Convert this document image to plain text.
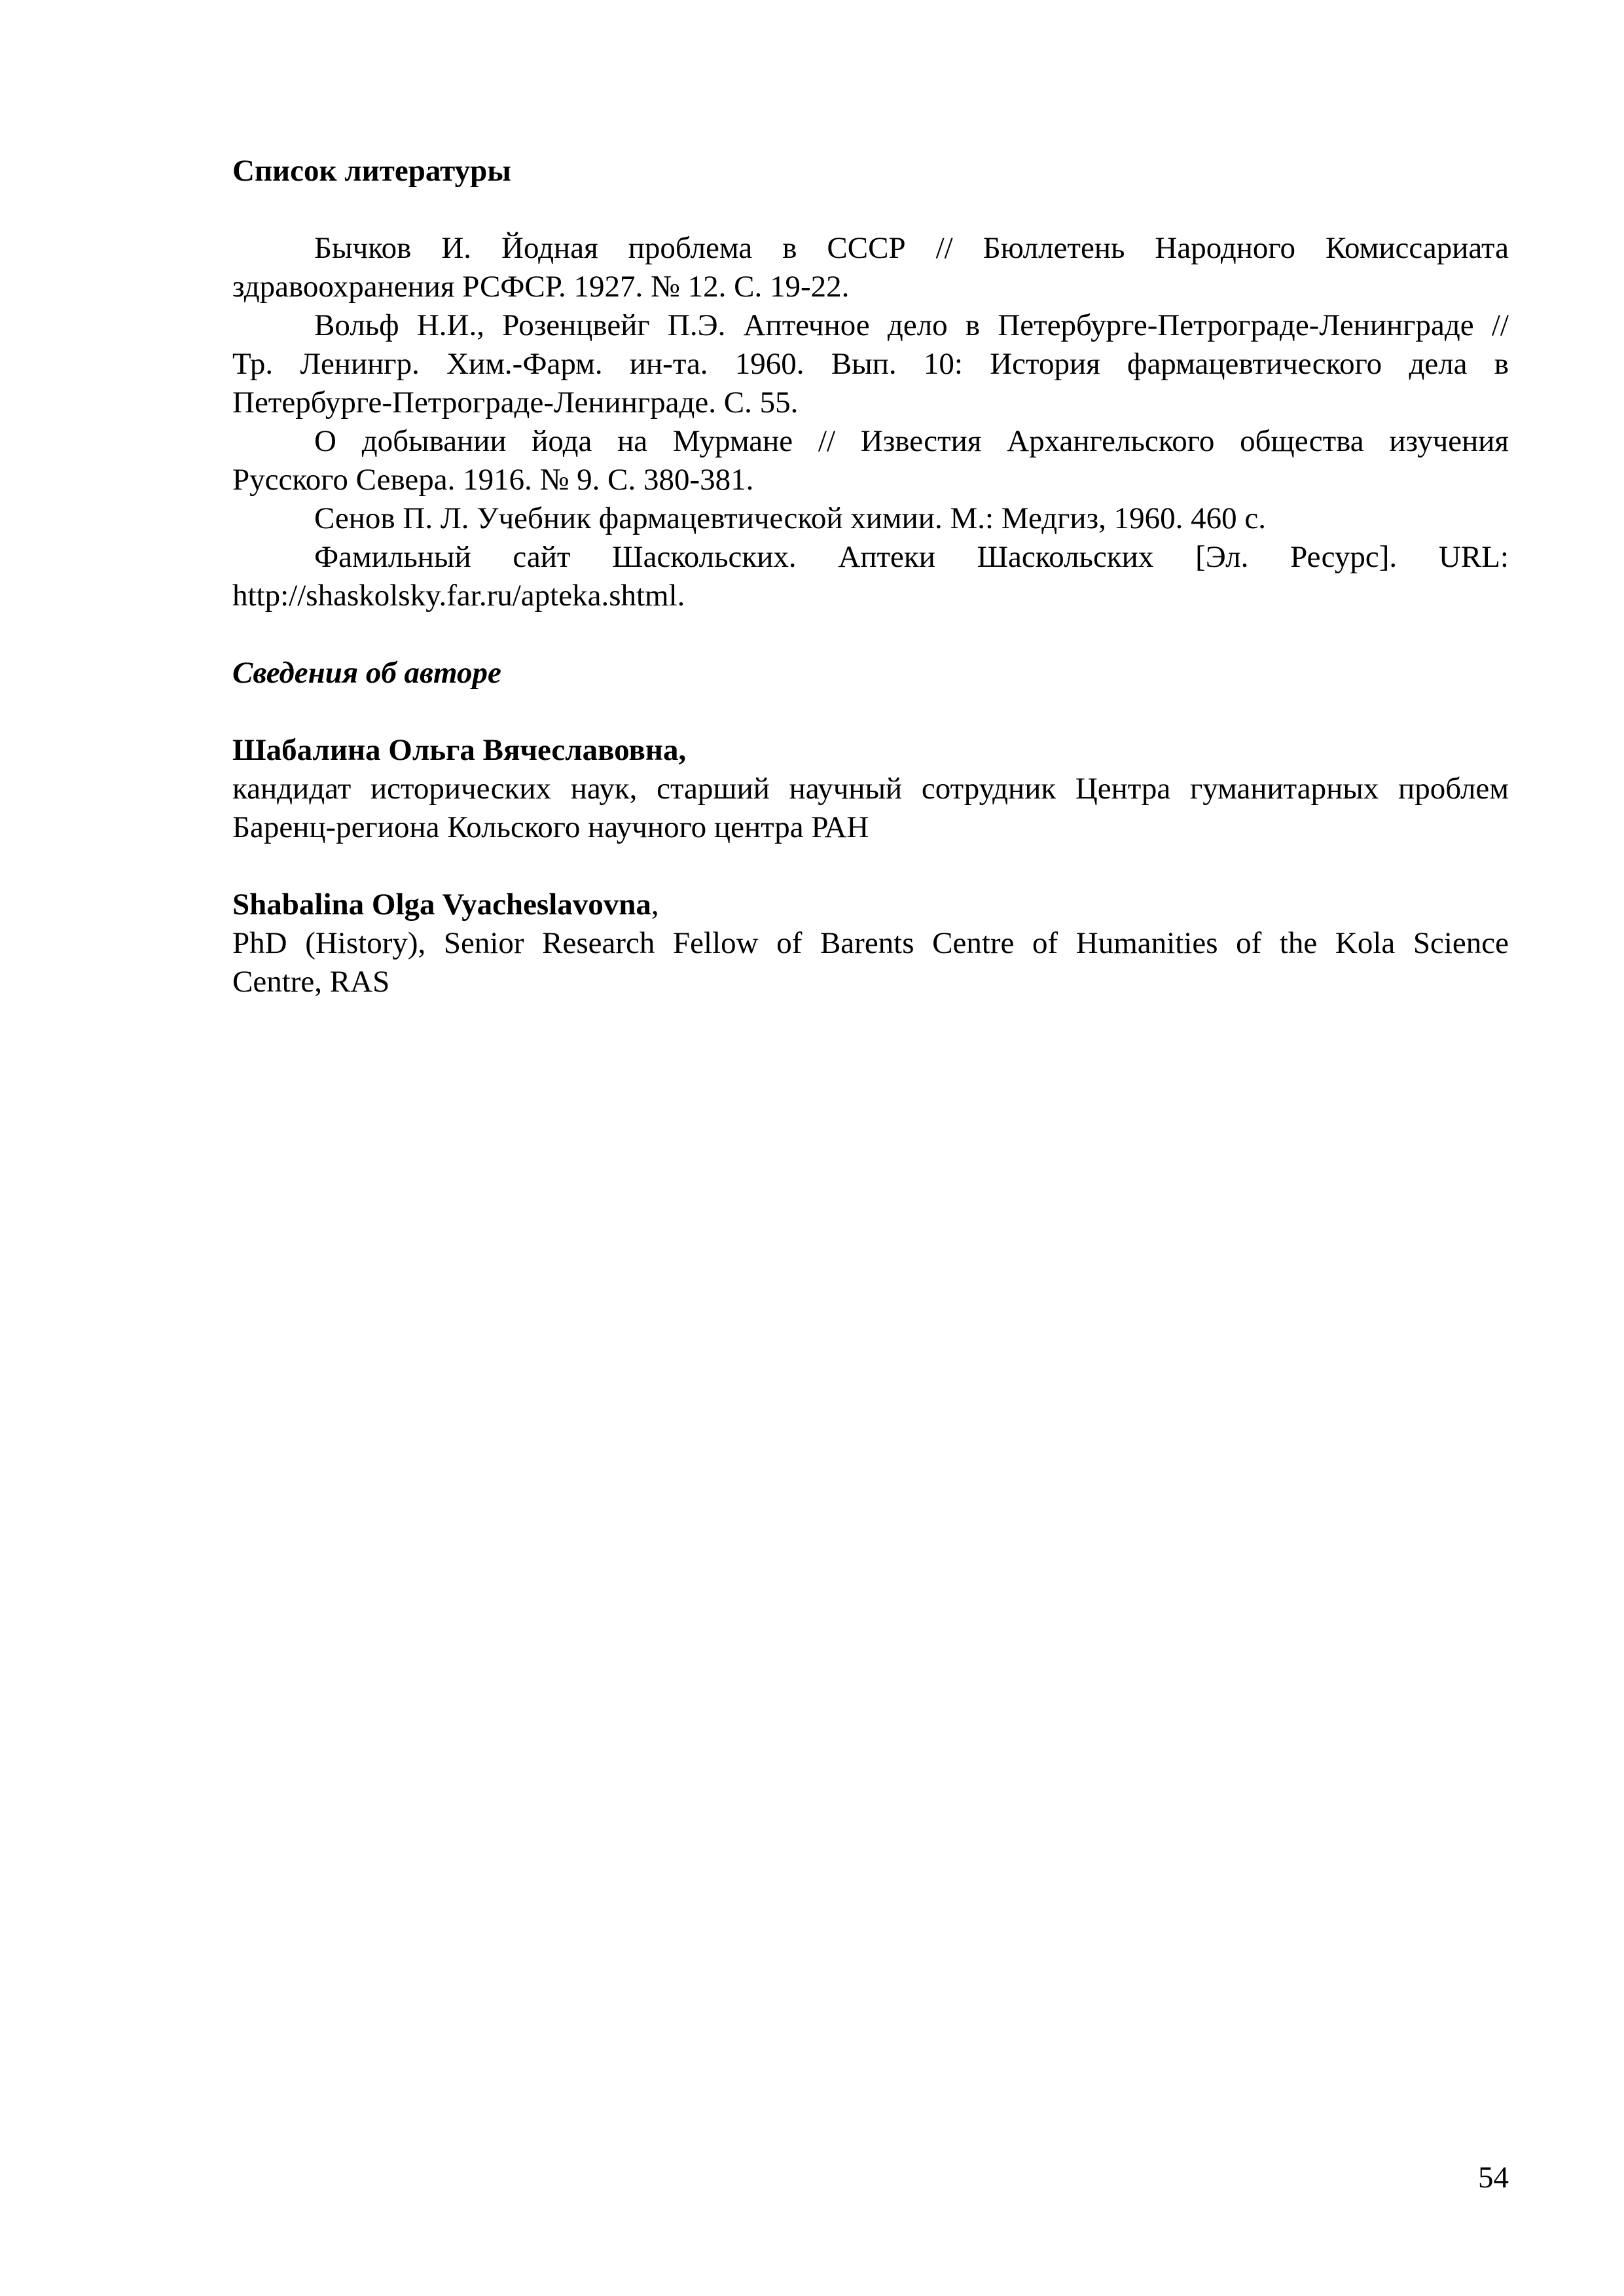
Список литературы
Бычков И. Йодная проблема в СССР // Бюллетень Народного Комиссариата
здравоохранения РСФСР. 1927. № 12. С. 19-22.
Вольф Н.И., Розенцвейг П.Э. Аптечное дело в Петербурге-Петрограде-Ленинграде //
Тр. Ленингр. Хим.-Фарм. ин-та. 1960. Вып. 10: История фармацевтического дела в
Петербурге-Петрограде-Ленинграде. С. 55.
О добывании йода на Мурмане // Известия Архангельского общества изучения
Русского Севера. 1916. № 9. С. 380-381.
Сенов П. Л. Учебник фармацевтической химии. М.: Медгиз, 1960. 460 с.
Фамильный сайт Шаскольских. Аптеки Шаскольских [Эл. Ресурс]. URL:
http://shaskolsky.far.ru/apteka.shtml.
Сведения об авторе
Шабалина Ольга Вячеславовна,
кандидат исторических наук, старший научный сотрудник Центра гуманитарных проблем
Баренц-региона Кольского научного центра РАН
Shabalina Olga Vyacheslavovna,
PhD (History), Senior Research Fellow of Barents Centre of Humanities of the Kola Science
Centre, RAS
54
